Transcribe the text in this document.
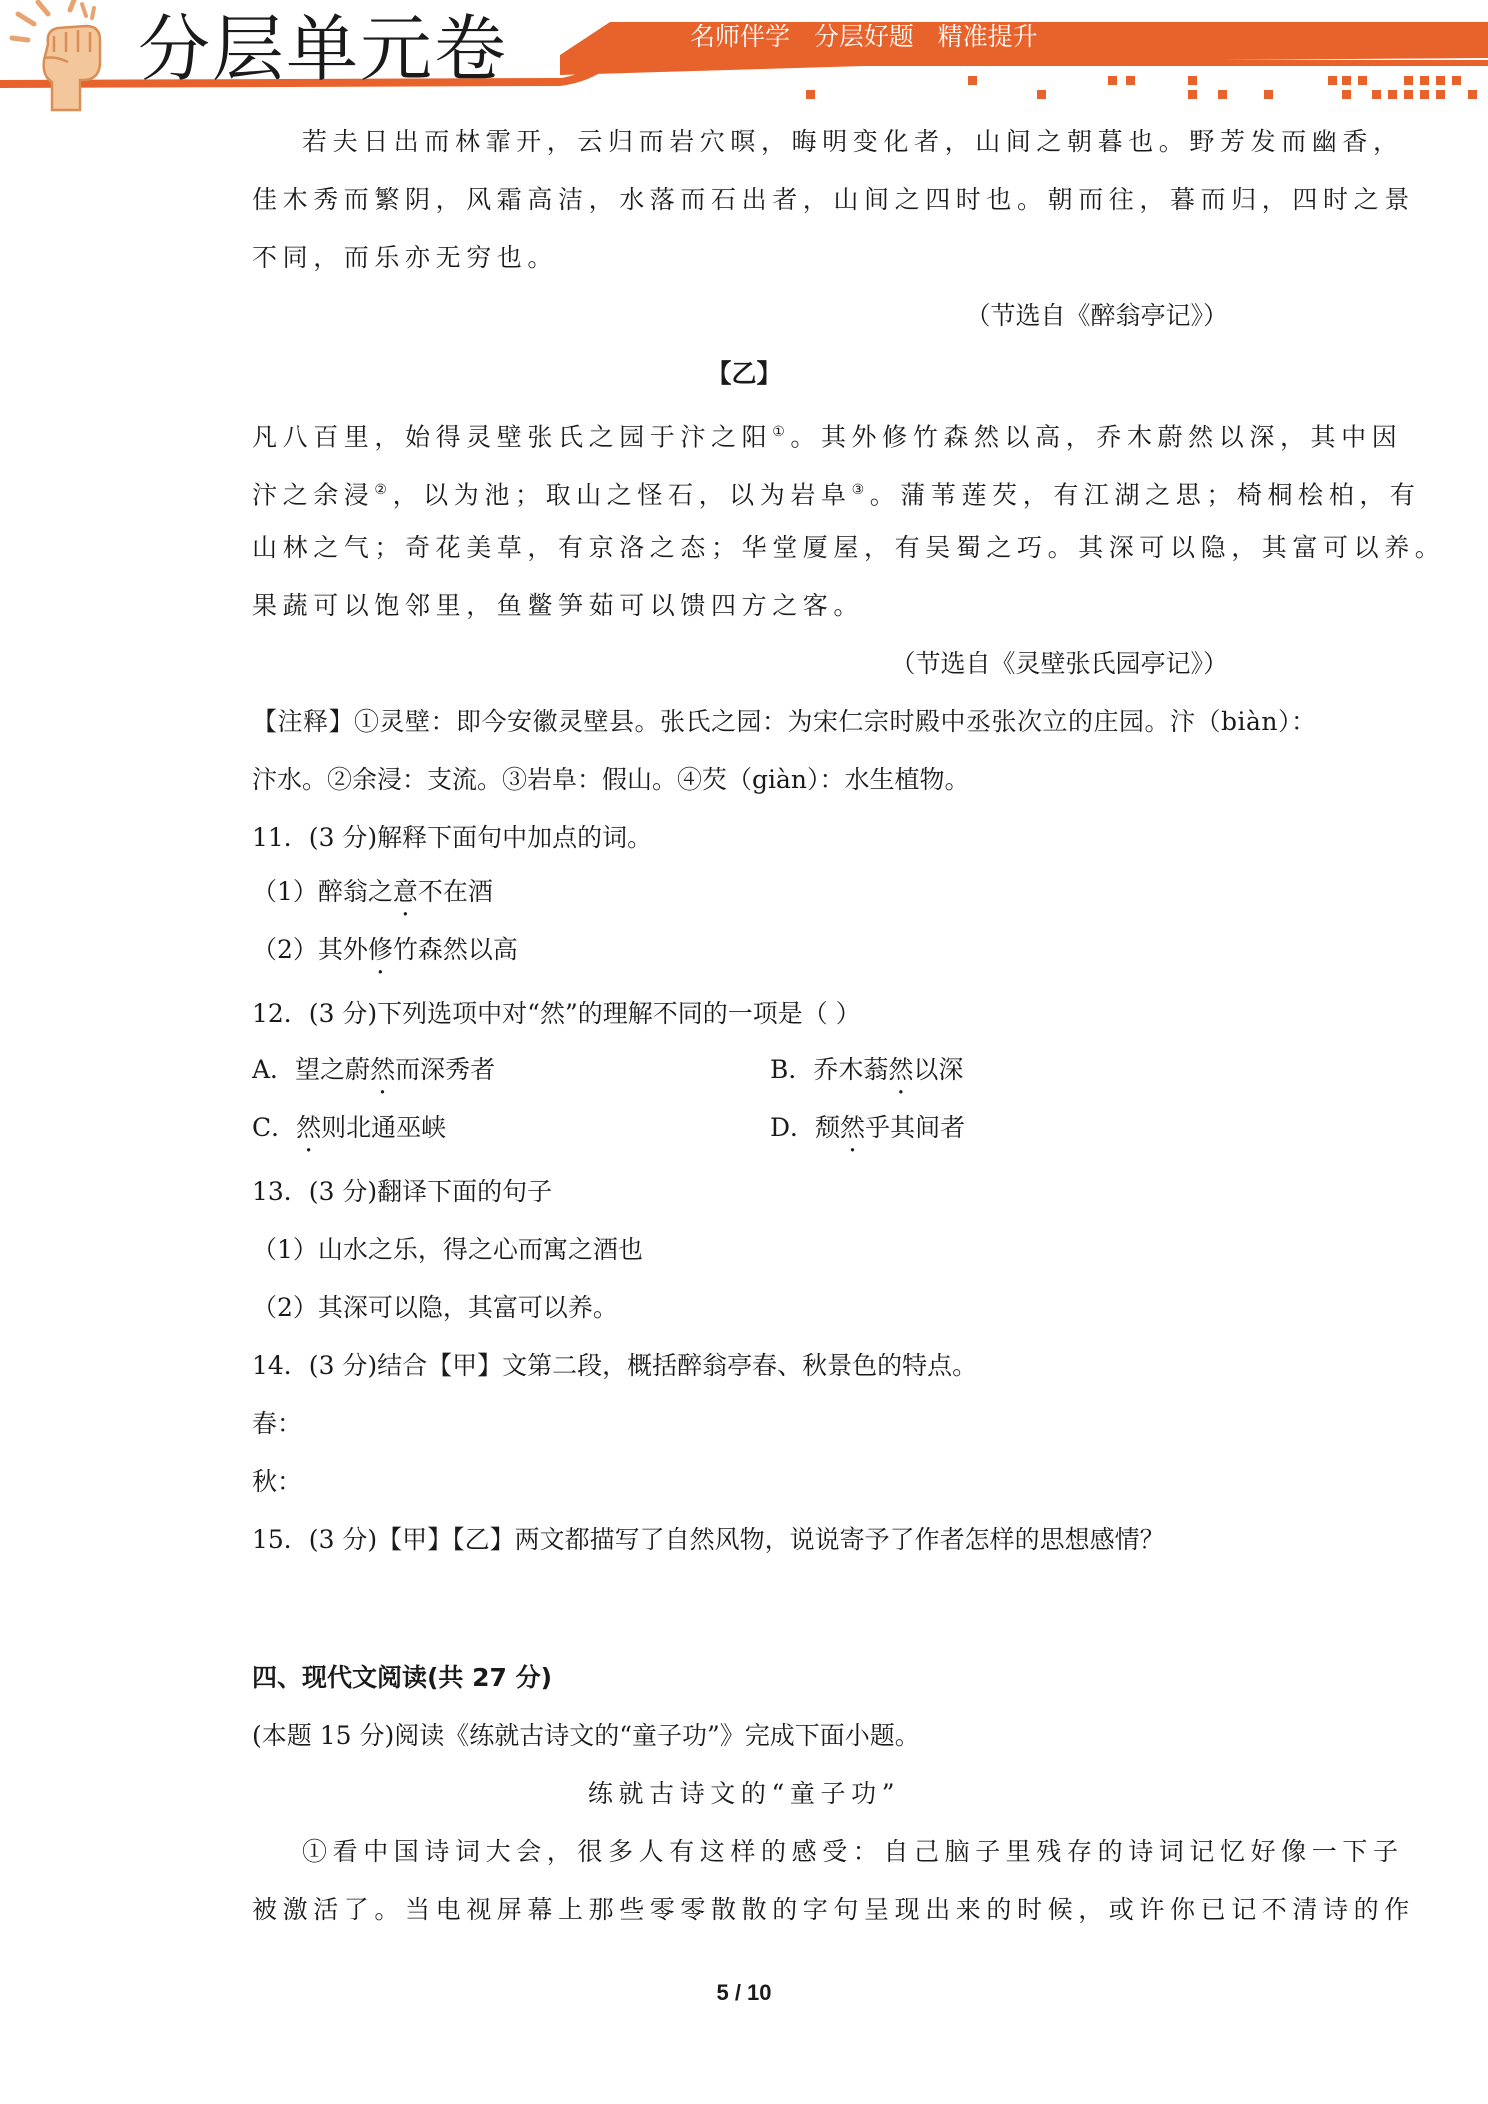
分层单元卷	名师伴学   分层好题   精准提升
若夫日出而林霏开，云归而岩穴暝，晦明变化者，山间之朝暮也。野芳发而幽香，
佳木秀而繁阴，风霜高洁，水落而石出者，山间之四时也。朝而往，暮而归，四时之景
不同，而乐亦无穷也。
（节选自《醉翁亭记》）
【乙】
凡八百里，始得灵壁张氏之园于汴之阳①。其外修竹森然以高，乔木蔚然以深，其中因
汴之余浸②，以为池；取山之怪石，以为岩阜③。蒲苇莲芡，有江湖之思；椅桐桧柏，有
山林之气；奇花美草，有京洛之态；华堂厦屋，有吴蜀之巧。其深可以隐，其富可以养。
果蔬可以饱邻里，鱼鳖笋茹可以馈四方之客。
（节选自《灵壁张氏园亭记》）
【注释】①灵壁：即今安徽灵壁县。张氏之园：为宋仁宗时殿中丞张次立的庄园。汴（biàn）：
汴水。②余浸：支流。③岩阜：假山。④芡（giàn）：水生植物。
11．(3 分)解释下面句中加点的词。
（1）醉翁之意不在酒
（2）其外修竹森然以高
12．(3 分)下列选项中对“然”的理解不同的一项是（ ）
A．望之蔚然而深秀者	B．乔木蓊然以深
C．然则北通巫峡	D．颓然乎其间者
13．(3 分)翻译下面的句子
（1）山水之乐，得之心而寓之酒也
（2）其深可以隐，其富可以养。
14．(3 分)结合【甲】文第二段，概括醉翁亭春、秋景色的特点。
春：
秋：
15．(3 分)【甲】【乙】两文都描写了自然风物，说说寄予了作者怎样的思想感情？
四、现代文阅读(共 27 分)
(本题 15 分)阅读《练就古诗文的“童子功”》完成下面小题。
练就古诗文的“童子功”
①看中国诗词大会，很多人有这样的感受：自己脑子里残存的诗词记忆好像一下子
被激活了。当电视屏幕上那些零零散散的字句呈现出来的时候，或许你已记不清诗的作
5 / 10
